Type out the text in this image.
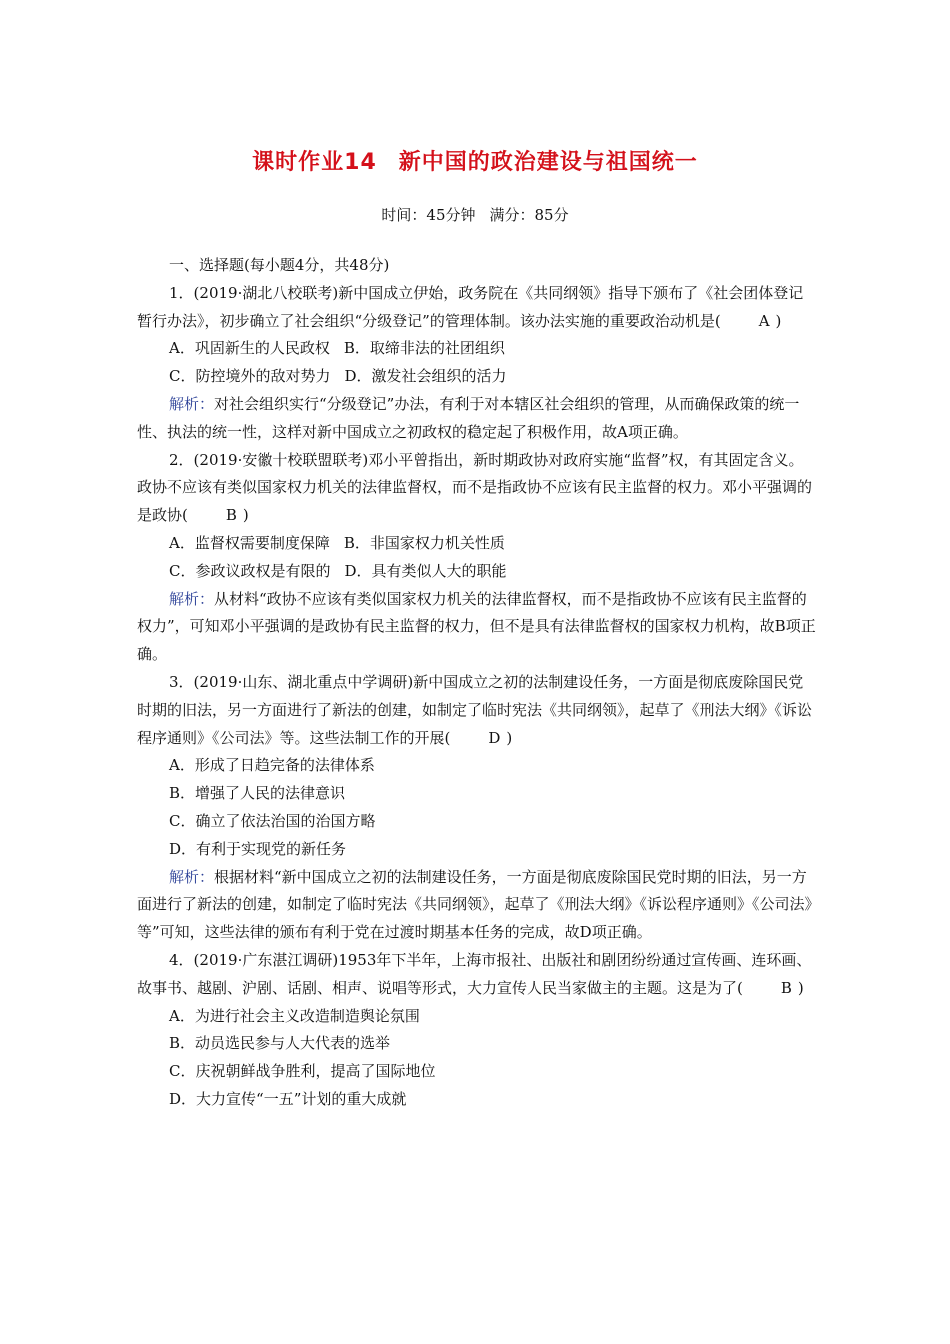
课时作业14 新中国的政治建设与祖国统一
时间：45分钟 满分：85分

一、选择题(每小题4分，共48分)

1．(2019·湖北八校联考)新中国成立伊始，政务院在《共同纲领》指导下颁布了《社会团体登记暂行办法》，初步确立了社会组织“分级登记”的管理体制。该办法实施的重要政治动机是(	A )

A．巩固新生的人民政权 B．取缔非法的社团组织

C．防控境外的敌对势力 D．激发社会组织的活力

解析：对社会组织实行“分级登记”办法，有利于对本辖区社会组织的管理，从而确保政策的统一性、执法的统一性，这样对新中国成立之初政权的稳定起了积极作用，故A项正确。

2．(2019·安徽十校联盟联考)邓小平曾指出，新时期政协对政府实施“监督”权，有其固定含义。政协不应该有类似国家权力机关的法律监督权，而不是指政协不应该有民主监督的权力。邓小平强调的是政协(	B )

A．监督权需要制度保障 B．非国家权力机关性质

C．参政议政权是有限的 D．具有类似人大的职能

解析：从材料“政协不应该有类似国家权力机关的法律监督权，而不是指政协不应该有民主监督的权力”，可知邓小平强调的是政协有民主监督的权力，但不是具有法律监督权的国家权力机构，故B项正确。

3．(2019·山东、湖北重点中学调研)新中国成立之初的法制建设任务，一方面是彻底废除国民党时期的旧法，另一方面进行了新法的创建，如制定了临时宪法《共同纲领》，起草了《刑法大纲》《诉讼程序通则》《公司法》等。这些法制工作的开展(	D )

A．形成了日趋完备的法律体系

B．增强了人民的法律意识

C．确立了依法治国的治国方略

D．有利于实现党的新任务

解析：根据材料“新中国成立之初的法制建设任务，一方面是彻底废除国民党时期的旧法，另一方面进行了新法的创建，如制定了临时宪法《共同纲领》，起草了《刑法大纲》《诉讼程序通则》《公司法》等”可知，这些法律的颁布有利于党在过渡时期基本任务的完成，故D项正确。

4．(2019·广东湛江调研)1953年下半年，上海市报社、出版社和剧团纷纷通过宣传画、连环画、故事书、越剧、沪剧、话剧、相声、说唱等形式，大力宣传人民当家做主的主题。这是为了(	B )

A．为进行社会主义改造制造舆论氛围

B．动员选民参与人大代表的选举

C．庆祝朝鲜战争胜利，提高了国际地位

D．大力宣传“一五”计划的重大成就
